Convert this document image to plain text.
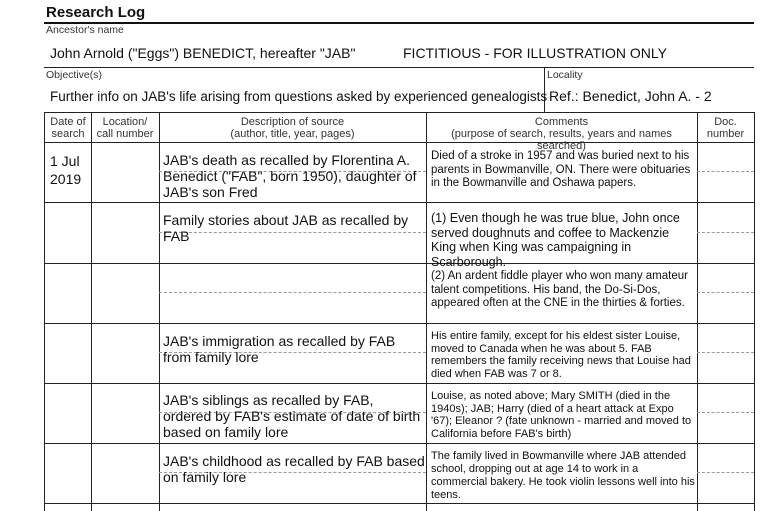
Research Log
Ancestor's name
John Arnold ("Eggs") BENEDICT, hereafter "JAB"	FICTITIOUS - FOR ILLUSTRATION ONLY
Objective(s)
Further info on JAB's life arising from questions asked by experienced genealogists
Locality
Ref.: Benedict, John A. - 2
Date of
search
Location/
call number
Description of source
(author, title, year, pages)
Comments
(purpose of search, results, years and names searched)
Doc.
number
1 Jul
2019
JAB's death as recalled by Florentina A. Benedict ("FAB", born 1950), daughter of JAB's son Fred
Died of a stroke in 1957 and was buried next to his parents in Bowmanville, ON. There were obituaries in the Bowmanville and Oshawa papers.
Family stories about JAB as recalled by FAB
(1) Even though he was true blue, John once served doughnuts and coffee to Mackenzie King when King was campaigning in Scarborough.
(2) An ardent fiddle player who won many amateur talent competitions. His band, the Do-Si-Dos, appeared often at the CNE in the thirties & forties.
JAB's immigration as recalled by FAB from family lore
His entire family, except for his eldest sister Louise, moved to Canada when he was about 5. FAB remembers the family receiving news that Louise had died when FAB was 7 or 8.
JAB's siblings as recalled by FAB, ordered by FAB's estimate of date of birth based on family lore
Louise, as noted above; Mary SMITH (died in the 1940s); JAB; Harry (died of a heart attack at Expo '67); Eleanor ? (fate unknown - married and moved to California before FAB's birth)
JAB's childhood as recalled by FAB based on family lore
The family lived in Bowmanville where JAB attended school, dropping out at age 14 to work in a commercial bakery. He took violin lessons well into his teens.
